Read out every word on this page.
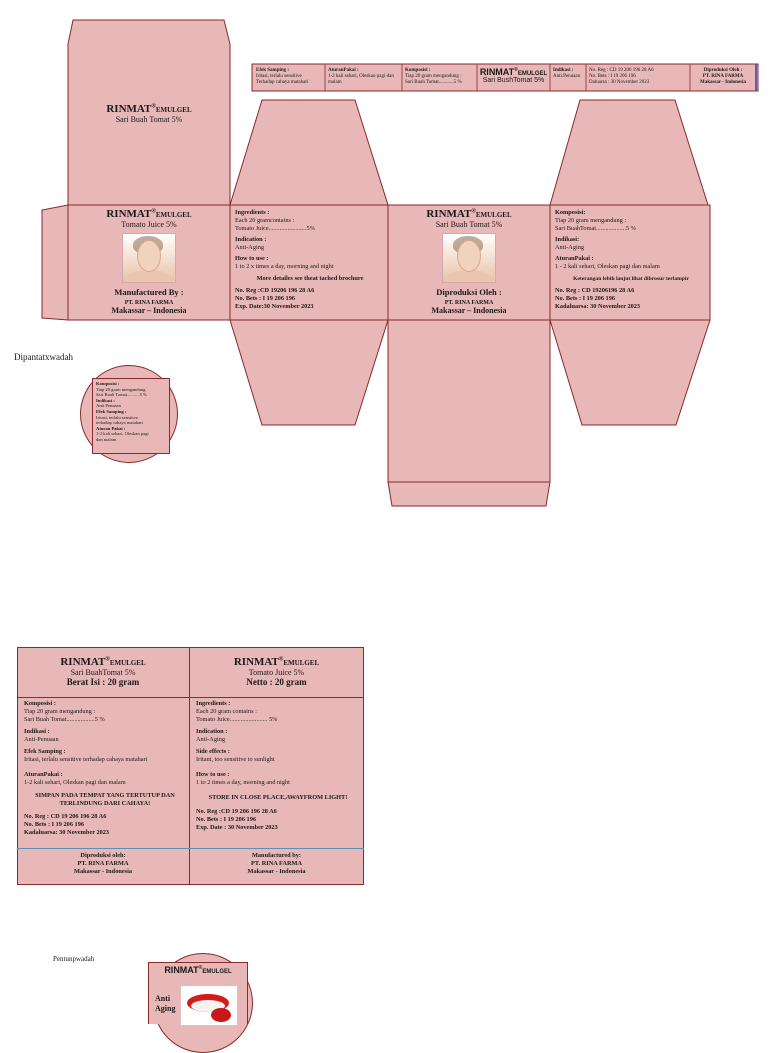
RINMAT®EMULGEL
Sari Buah Tomat 5%
Efek Samping :
Iritasi, terlalu sensitive
Terhadap cahaya matahari
AturanPakai :
1-2 kali sehari, Oleskan pagi dan
malam
Komposisi :
Tiap 20 gram mengandung :
Sari Buah Tomat............5 %
RINMAT®EMULGEL
Sari BushTomat 5%
Indikasi :
Anti.Penuaan
No. Reg : CD 19 206 196 28 A6
No. Bets : I 19 206 196
Daluarsa : 30 November 2023
Diproduksi Oleh :
PT. RINA FARMA
Makassar - Indonesia
RINMAT®EMULGEL
Tomato Juice 5%
Manufactured By :
PT. RINA FARMA
Makassar – Indonesia
Ingredients :
Each 20 gramcontains :
Tomato Juice........................5%
Indication :
Anti-Aging
How to use :
1 to 2 x times a day, morning and night
More detailes see theat tached brochure
No. Reg :CD 19206 196 28 A6
No. Bets : I 19 206 196
Exp. Date:30 November 2023
RINMAT®EMULGEL
Sari Buah Tomat 5%
Diproduksi Oleh :
PT. RINA FARMA
Makassar – Indonesia
Komposisi:
Tiap 20 gram mengandung :
Sari BuahTomat...................5 %
Indikasi:
Anti-Aging
AturanPakai :
1 - 2 kali sehari, Oleskan pagi dan malam
Keterangan lebih lanjut lihat dibrosur terlampir
No. Reg : CD 19206196 28 A6
No. Bets : I 19 206 196
Kadaluarsa: 30 November 2023
Dipantatxwadah
Komposisi :
Tiap 20 gram mengandung
Sari Buah Tomat...........5 %
Indikasi :
Anti Penuaan
Efek Samping :
Iritasi, terlalu sensitive
terhadap cahaya matahari
Aturan Pakai :
1-2 kali sehari, Oleskan pagi
dan malam
RINMAT®EMULGEL
Sari BuahTomat 5%
Berat Isi : 20 gram
RINMAT®EMULGEL
Tomato Juice 5%
Netto : 20 gram
Komposisi :
Tiap 20 gram mengandung :
Sari Buah Tomat..................5 %
Indikasi :
Anti-Penuaan
Efek Samping :
Iritasi, terlalu sensitive terhadap cahaya matahari
AturanPakai :
1-2 kali sehari, Oleskan pagi dan malam
SIMPAN PADA TEMPAT YANG TERTUTUP DAN TERLINDUNG DARI CAHAYA!
No. Reg : CD 19 206 196 28 A6
No. Bets : I 19 206 196
Kadaluarsa: 30 November 2023
Ingredients :
Each 20 gram contains :
Tomato Juice........................ 5%
Indication :
Anti-Aging
Side effects :
Iritant, too sensitive to sunlight
How to use :
1 to 2 times a day, morning and night
STORE IN CLOSE PLACE,AWAYFROM LIGHT!
No. Reg :CD 19 206 196 28 A6
No. Bets : I 19 206 196
Exp. Date : 30 November 2023
Diproduksi oleh:
PT. RINA FARMA
Makassar - Indonesia
Manufactured by:
PT. RINA FARMA
Makassar - Indonesia
Pentunpwadah
RINMAT®EMULGEL
Anti
Aging
